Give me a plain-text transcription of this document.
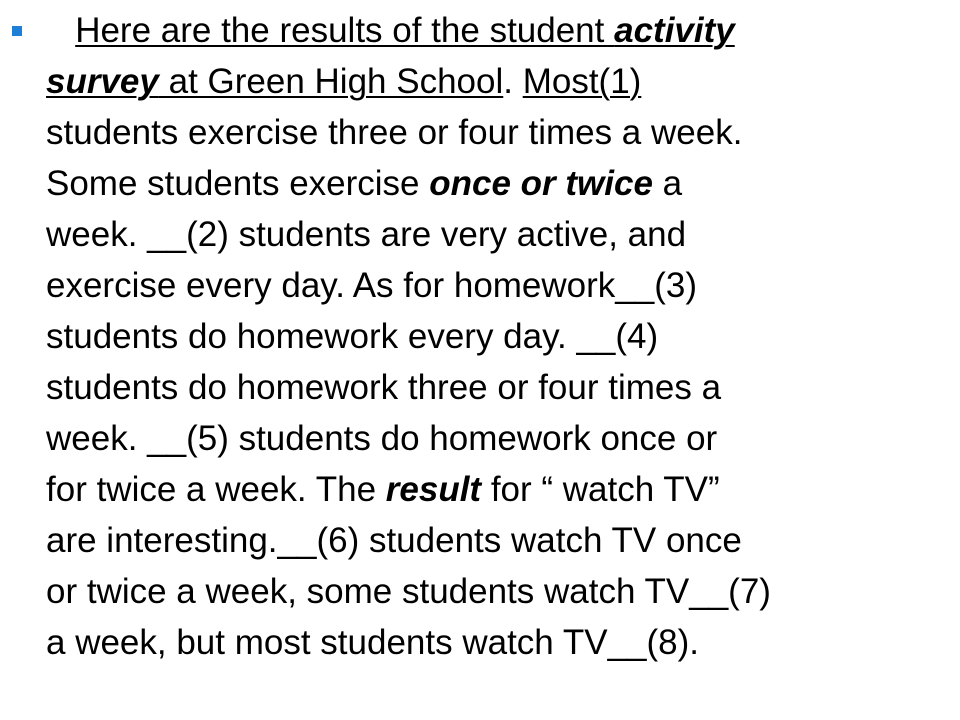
Here are the results of the student activity
survey at Green High School. Most(1)
students exercise three or four times a week.
Some students exercise once or twice a
week. __(2) students are very active, and
exercise every day. As for homework__(3)
students do homework every day. __(4)
students do homework three or four times a
week. __(5) students do homework once or
for twice a week. The result for “ watch TV”
are interesting.__(6) students watch TV once
or twice a week, some students watch TV__(7)
a week, but most students watch TV__(8).
